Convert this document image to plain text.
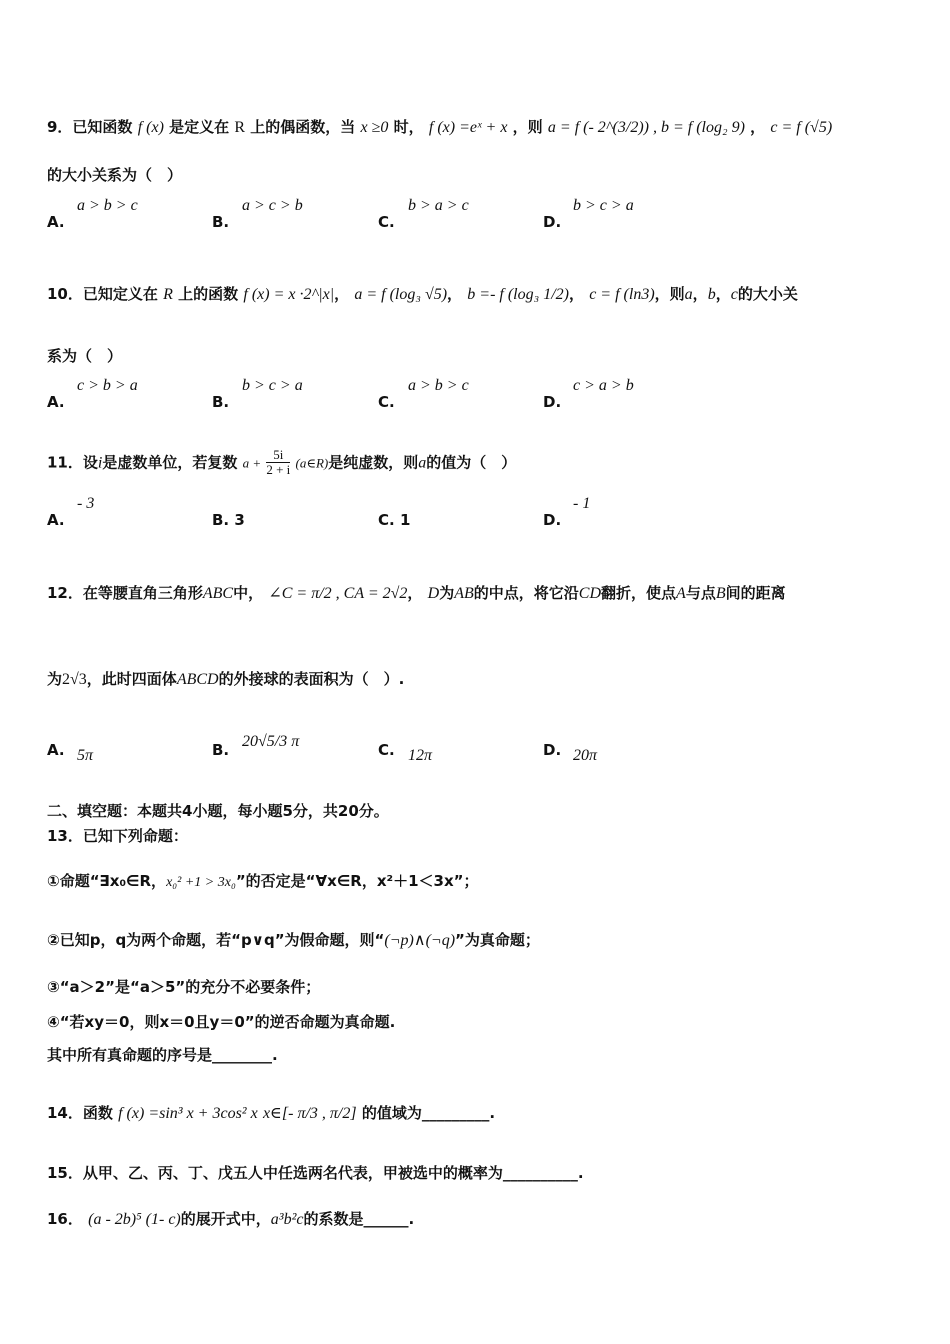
9．已知函数 f (x) 是定义在 R 上的偶函数，当 x ≥0 时， f (x) =eˣ + x ，则 a = f (- 2^(3/2)) , b = f (log₂ 9) ， c = f (√5)
的大小关系为（　）
A.
a > b > c
B.
a > c > b
C.
b > a > c
D.
b > c > a
10．已知定义在 R 上的函数 f (x) = x ·2^|x|， a = f (log₃ √5)， b =- f (log₃ 1/2)， c = f (ln3)，则a，b，c的大小关
系为（　）
A.
c > b > a
B.
b > c > a
C.
a > b > c
D.
c > a > b
11．设i是虚数单位，若复数 $a + \frac{5i}{2 + i}$ (a∈R)是纯虚数，则a的值为（　）
A.
- 3
B. 3	C. 1	D.
- 1
12．在等腰直角三角形ABC中， ∠C = π/2 , CA = 2√2， D为AB的中点，将它沿CD翻折，使点A与点B间的距离
为2√3，此时四面体ABCD的外接球的表面积为（　）.
A. 5π	B. 20√5/3 π	C. 12π	D. 20π
二、填空题：本题共4小题，每小题5分，共20分。
13．已知下列命题：
①命题“∃x₀∈R，x₀² +1 > 3x₀”的否定是“∀x∈R，x²＋1＜3x”；
②已知p，q为两个命题，若“p∨q”为假命题，则“(¬p)∧(¬q)”为真命题；
③“a＞2”是“a＞5”的充分不必要条件；
④“若xy＝0，则x＝0且y＝0”的逆否命题为真命题.
其中所有真命题的序号是________.
14．函数 f (x) =sin³ x + 3cos² x x∈[- π/3 , π/2] 的值域为_________.
15．从甲、乙、丙、丁、戊五人中任选两名代表，甲被选中的概率为__________.
16． (a - 2b)⁵ (1- c)的展开式中，a³b²c的系数是______.
